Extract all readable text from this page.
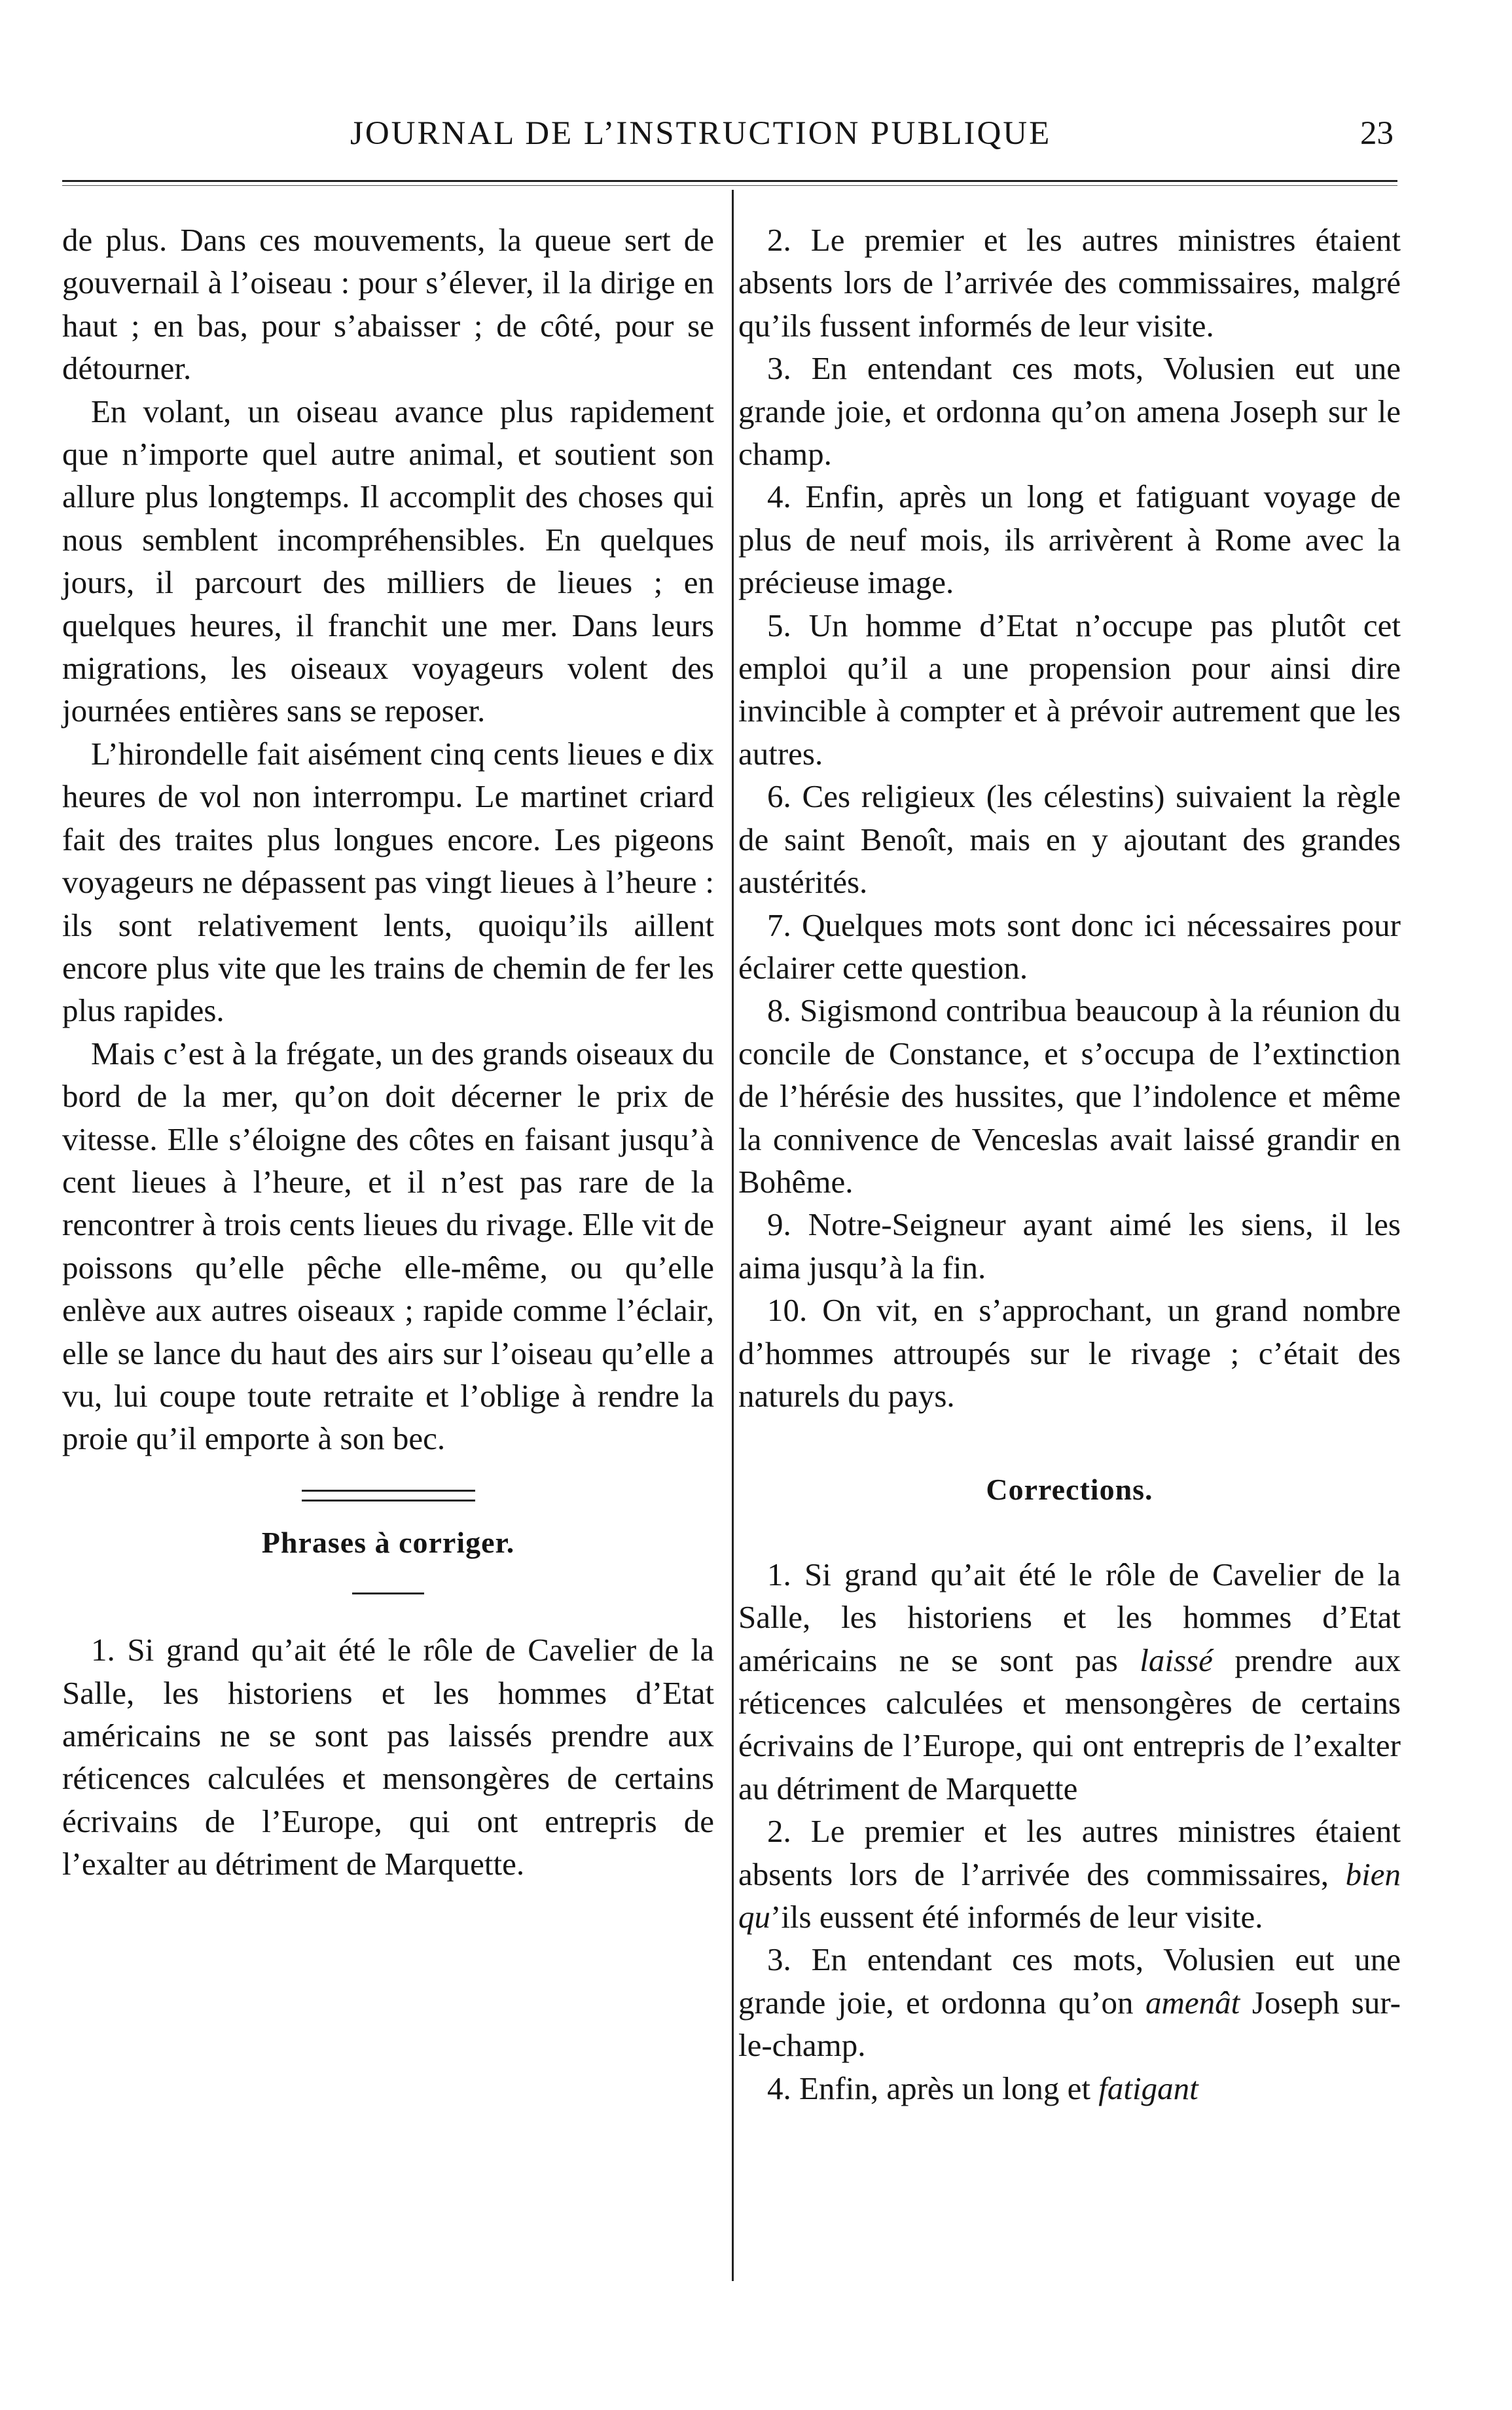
JOURNAL DE L’INSTRUCTION PUBLIQUE	23

de plus. Dans ces mouvements, la queue sert de gouvernail à l’oiseau : pour s’élever, il la dirige en haut ; en bas, pour s’abaisser ; de côté, pour se détourner.

En volant, un oiseau avance plus rapidement que n’importe quel autre animal, et soutient son allure plus longtemps. Il accomplit des choses qui nous semblent incompréhensibles. En quelques jours, il parcourt des milliers de lieues ; en quelques heures, il franchit une mer. Dans leurs migrations, les oiseaux voyageurs volent des journées entières sans se reposer.

L’hirondelle fait aisément cinq cents lieues e dix heures de vol non interrompu. Le martinet criard fait des traites plus longues encore. Les pigeons voyageurs ne dépassent pas vingt lieues à l’heure : ils sont relativement lents, quoiqu’ils aillent encore plus vite que les trains de chemin de fer les plus rapides.

Mais c’est à la frégate, un des grands oiseaux du bord de la mer, qu’on doit décerner le prix de vitesse. Elle s’éloigne des côtes en faisant jusqu’à cent lieues à l’heure, et il n’est pas rare de la rencontrer à trois cents lieues du rivage. Elle vit de poissons qu’elle pêche elle-même, ou qu’elle enlève aux autres oiseaux ; rapide comme l’éclair, elle se lance du haut des airs sur l’oiseau qu’elle a vu, lui coupe toute retraite et l’oblige à rendre la proie qu’il emporte à son bec.

Phrases à corriger.

1. Si grand qu’ait été le rôle de Cavelier de la Salle, les historiens et les hommes d’Etat américains ne se sont pas laissés prendre aux réticences calculées et mensongères de certains écrivains de l’Europe, qui ont entrepris de l’exalter au détriment de Marquette.

2. Le premier et les autres ministres étaient absents lors de l’arrivée des commissaires, malgré qu’ils fussent informés de leur visite.

3. En entendant ces mots, Volusien eut une grande joie, et ordonna qu’on amena Joseph sur le champ.

4. Enfin, après un long et fatiguant voyage de plus de neuf mois, ils arrivèrent à Rome avec la précieuse image.

5. Un homme d’Etat n’occupe pas plutôt cet emploi qu’il a une propension pour ainsi dire invincible à compter et à prévoir autrement que les autres.

6. Ces religieux (les célestins) suivaient la règle de saint Benoît, mais en y ajoutant des grandes austérités.

7. Quelques mots sont donc ici nécessaires pour éclairer cette question.

8. Sigismond contribua beaucoup à la réunion du concile de Constance, et s’occupa de l’extinction de l’hérésie des hussites, que l’indolence et même la connivence de Venceslas avait laissé grandir en Bohême.

9. Notre-Seigneur ayant aimé les siens, il les aima jusqu’à la fin.

10. On vit, en s’approchant, un grand nombre d’hommes attroupés sur le rivage ; c’était des naturels du pays.

Corrections.

1. Si grand qu’ait été le rôle de Cavelier de la Salle, les historiens et les hommes d’Etat américains ne se sont pas laissé prendre aux réticences calculées et mensongères de certains écrivains de l’Europe, qui ont entrepris de l’exalter au détriment de Marquette

2. Le premier et les autres ministres étaient absents lors de l’arrivée des commissaires, bien qu’ils eussent été informés de leur visite.

3. En entendant ces mots, Volusien eut une grande joie, et ordonna qu’on amenât Joseph sur-le-champ.

4. Enfin, après un long et fatigant
